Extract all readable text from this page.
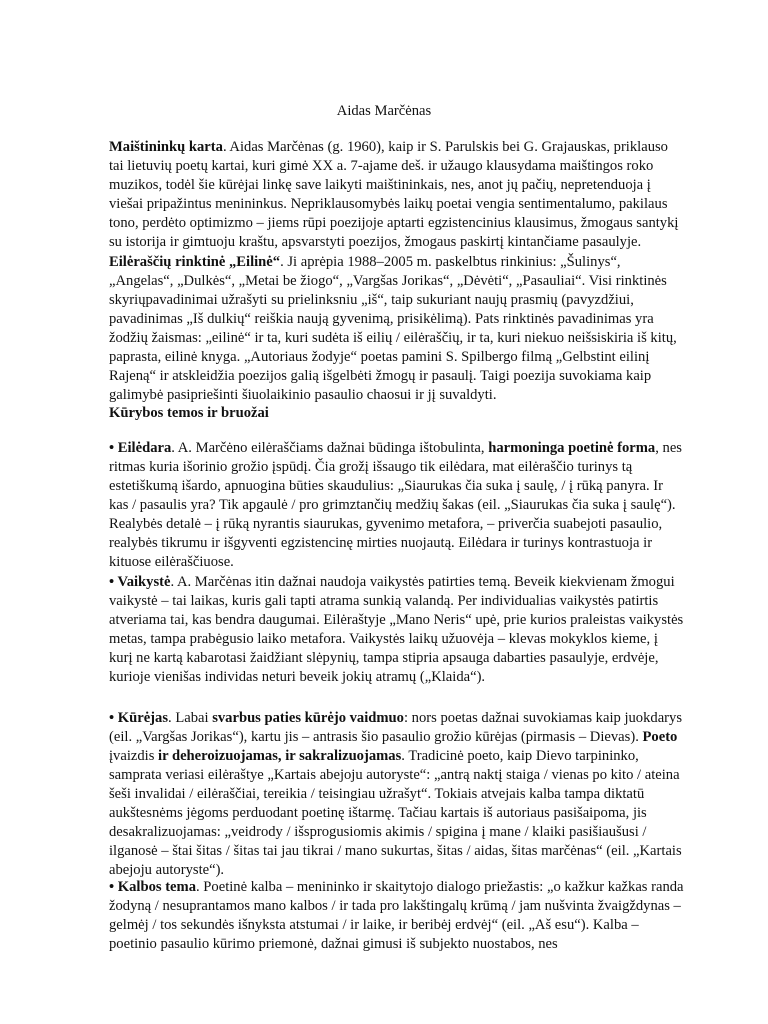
Aidas Marčėnas

Maištininkų karta. Aidas Marčėnas (g. 1960), kaip ir S. Parulskis bei G. Grajauskas, priklauso tai lietuvių poetų kartai, kuri gimė XX a. 7-ajame deš. ir užaugo klausydama maištingos roko muzikos, todėl šie kūrėjai linkę save laikyti maištininkais, nes, anot jų pačių, nepretenduoja į viešai pripažintus menininkus. Nepriklausomybės laikų poetai vengia sentimentalumo, pakilaus tono, perdėto optimizmo – jiems rūpi poezijoje aptarti egzistencinius klausimus, žmogaus santykį su istorija ir gimtuoju kraštu, apsvarstyti poezijos, žmogaus paskirtį kintančiame pasaulyje.

Eilėraščių rinktinė „Eilinė“. Ji aprėpia 1988–2005 m. paskelbtus rinkinius: „Šulinys“, „Angelas“, „Dulkės“, „Metai be žiogo“, „Vargšas Jorikas“, „Dėvėti“, „Pasauliai“. Visi rinktinės skyriųpavadinimai užrašyti su prielinksniu „iš“, taip sukuriant naujų prasmių (pavyzdžiui, pavadinimas „Iš dulkių“ reiškia naują gyvenimą, prisikėlimą). Pats rinktinės pavadinimas yra žodžių žaismas: „eilinė“ ir ta, kuri sudėta iš eilių / eilėraščių, ir ta, kuri niekuo neišsiskiria iš kitų, paprasta, eilinė knyga. „Autoriaus žodyje“ poetas pamini S. Spilbergo filmą „Gelbstint eilinį Rajeną“ ir atskleidžia poezijos galią išgelbėti žmogų ir pasaulį. Taigi poezija suvokiama kaip galimybė pasipriešinti šiuolaikinio pasaulio chaosui ir jį suvaldyti.

Kūrybos temos ir bruožai

• Eilėdara. A. Marčėno eilėraščiams dažnai būdinga ištobulinta, harmoninga poetinė forma, nes ritmas kuria išorinio grožio įspūdį. Čia grožį išsaugo tik eilėdara, mat eilėraščio turinys tą estetiškumą išardo, apnuogina būties skaudulius: „Siaurukas čia suka į saulę, / į rūką panyra. Ir kas / pasaulis yra? Tik apgaulė / pro grimztančių medžių šakas (eil. „Siaurukas čia suka į saulę“). Realybės detalė – į rūką nyrantis siaurukas, gyvenimo metafora, – priverčia suabejoti pasaulio, realybės tikrumu ir išgyventi egzistencinę mirties nuojautą. Eilėdara ir turinys kontrastuoja ir kituose eilėraščiuose.

• Vaikystė. A. Marčėnas itin dažnai naudoja vaikystės patirties temą. Beveik kiekvienam žmogui vaikystė – tai laikas, kuris gali tapti atrama sunkią valandą. Per individualias vaikystės patirtis atveriama tai, kas bendra daugumai. Eilėraštyje „Mano Neris“ upė, prie kurios praleistas vaikystės metas, tampa prabėgusio laiko metafora. Vaikystės laikų užuovėja – klevas mokyklos kieme, į kurį ne kartą kabarotasi žaidžiant slėpynių, tampa stipria apsauga dabarties pasaulyje, erdvėje, kurioje vienišas individas neturi beveik jokių atramų („Klaida“).

• Kūrėjas. Labai svarbus paties kūrėjo vaidmuo: nors poetas dažnai suvokiamas kaip juokdarys (eil. „Vargšas Jorikas“), kartu jis – antrasis šio pasaulio grožio kūrėjas (pirmasis – Dievas). Poeto įvaizdis ir deheroizuojamas, ir sakralizuojamas. Tradicinė poeto, kaip Dievo tarpininko, samprata veriasi eilėraštye „Kartais abejoju autoryste“: „antrą naktį staiga / vienas po kito / ateina šeši invalidai / eilėraščiai, tereikia / teisingiau užrašyt“. Tokiais atvejais kalba tampa diktatū aukštesnėms jėgoms perduodant poetinę ištarmę. Tačiau kartais iš autoriaus pasišaipoma, jis desakralizuojamas: „veidrody / išsprogusiomis akimis / spigina į mane / klaiki pasišiaušusi / ilganosė – štai šitas / šitas tai jau tikrai / mano sukurtas, šitas / aidas, šitas marčėnas“ (eil. „Kartais abejoju autoryste“).

• Kalbos tema. Poetinė kalba – menininko ir skaitytojo dialogo priežastis: „o kažkur kažkas randa žodyną / nesuprantamos mano kalbos / ir tada pro lakštingalų krūmą / jam nušvinta žvaigždynas – gelmėj / tos sekundės išnyksta atstumai / ir laike, ir beribėj erdvėj“ (eil. „Aš esu“). Kalba – poetinio pasaulio kūrimo priemonė, dažnai gimusi iš subjekto nuostabos, nes
